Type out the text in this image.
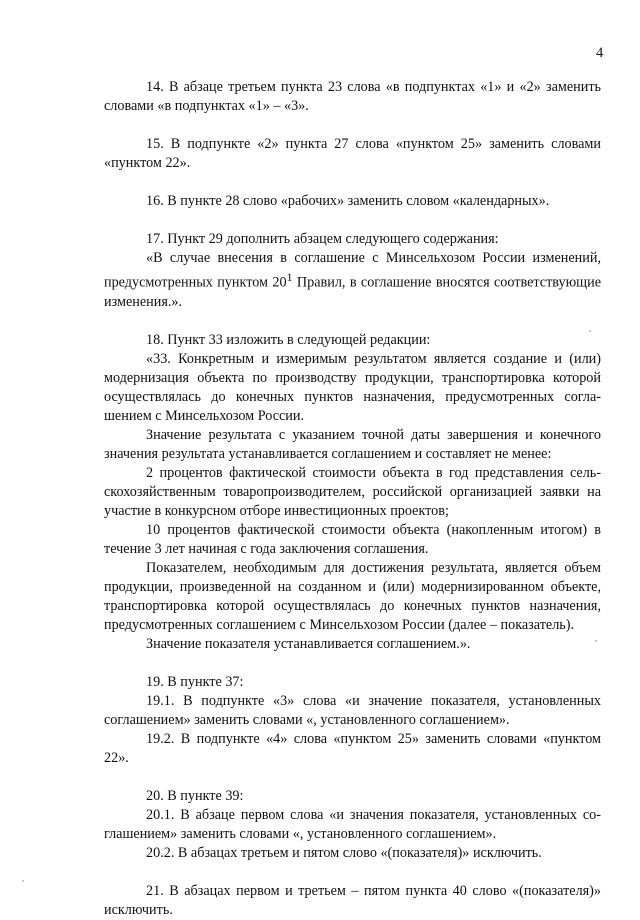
4

14. В абзаце третьем пункта 23 слова «в подпунктах «1» и «2» заменить словами «в подпунктах «1» – «3».

15. В подпункте «2» пункта 27 слова «пунктом 25» заменить словами «пунктом 22».

16. В пункте 28 слово «рабочих» заменить словом «календарных».

17. Пункт 29 дополнить абзацем следующего содержания:

«В случае внесения в соглашение с Минсельхозом России изменений, предусмотренных пунктом $20^1$ Правил, в соглашение вносятся соответствующие изменения.».

18. Пункт 33 изложить в следующей редакции:

«33. Конкретным и измеримым результатом является создание и (или) модернизация объекта по производству продукции, транспортировка которой осуществлялась до конечных пунктов назначения, предусмотренных соглашением с Минсельхозом России.

Значение результата с указанием точной даты завершения и конечного значения результата устанавливается соглашением и составляет не менее:

2 процентов фактической стоимости объекта в год представления сельскохозяйственным товаропроизводителем, российской организацией заявки на участие в конкурсном отборе инвестиционных проектов;

10 процентов фактической стоимости объекта (накопленным итогом) в течение 3 лет начиная с года заключения соглашения.

Показателем, необходимым для достижения результата, является объем продукции, произведенной на созданном и (или) модернизированном объекте, транспортировка которой осуществлялась до конечных пунктов назначения, предусмотренных соглашением с Минсельхозом России (далее – показатель).

Значение показателя устанавливается соглашением.».

19. В пункте 37:

19.1. В подпункте «3» слова «и значение показателя, установленных соглашением» заменить словами «, установленного соглашением».

19.2. В подпункте «4» слова «пунктом 25» заменить словами «пунктом 22».

20. В пункте 39:

20.1. В абзаце первом слова «и значения показателя, установленных соглашением» заменить словами «, установленного соглашением».

20.2. В абзацах третьем и пятом слово «(показателя)» исключить.

21. В абзацах первом и третьем – пятом пункта 40 слово «(показателя)» исключить.
